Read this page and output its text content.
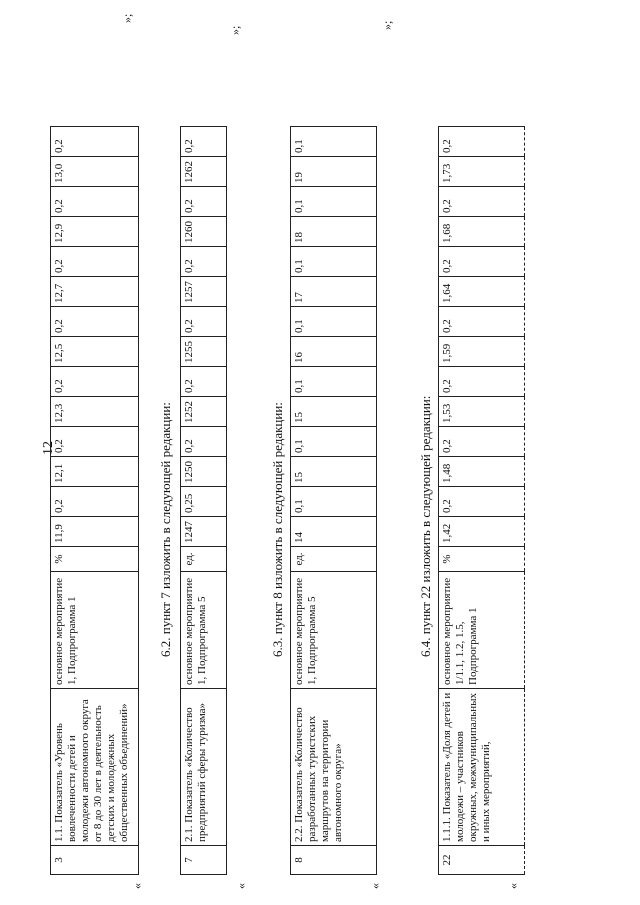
12
«
3	1.1. Показатель «Уровень вовлеченности детей и молодежи автономного округа от 8 до 30 лет в деятельность детских и молодежных общественных объединений»	основное мероприятие 1, Подпрограмма 1	%	11,9	0,2	12,1	0,2	12,3	0,2	12,5	0,2	12,7	0,2	12,9	0,2	13,0	0,2
»;
6.2. пункт 7 изложить в следующей редакции:
«
7	2.1. Показатель «Количество предприятий сферы туризма»	основное мероприятие 1, Подпрограмма 5	ед.	1247	0,25	1250	0,2	1252	0,2	1255	0,2	1257	0,2	1260	0,2	1262	0,2
»;
6.3. пункт 8 изложить в следующей редакции:
«
8	2.2. Показатель «Количество разработанных туристских маршрутов на территории автономного округа»	основное мероприятие 1, Подпрограмма 5	ед.	14	0,1	15	0,1	15	0,1	16	0,1	17	0,1	18	0,1	19	0,1
»;
6.4. пункт 22 изложить в следующей редакции:
«
22	1.1.1. Показатель «Доля детей и молодежи – участников окружных, межмуниципальных и иных мероприятий,	основное мероприятие 1/1.1, 1.2, 1.5, Подпрограмма 1	%	1,42	0,2	1,48	0,2	1,53	0,2	1,59	0,2	1,64	0,2	1,68	0,2	1,73	0,2
